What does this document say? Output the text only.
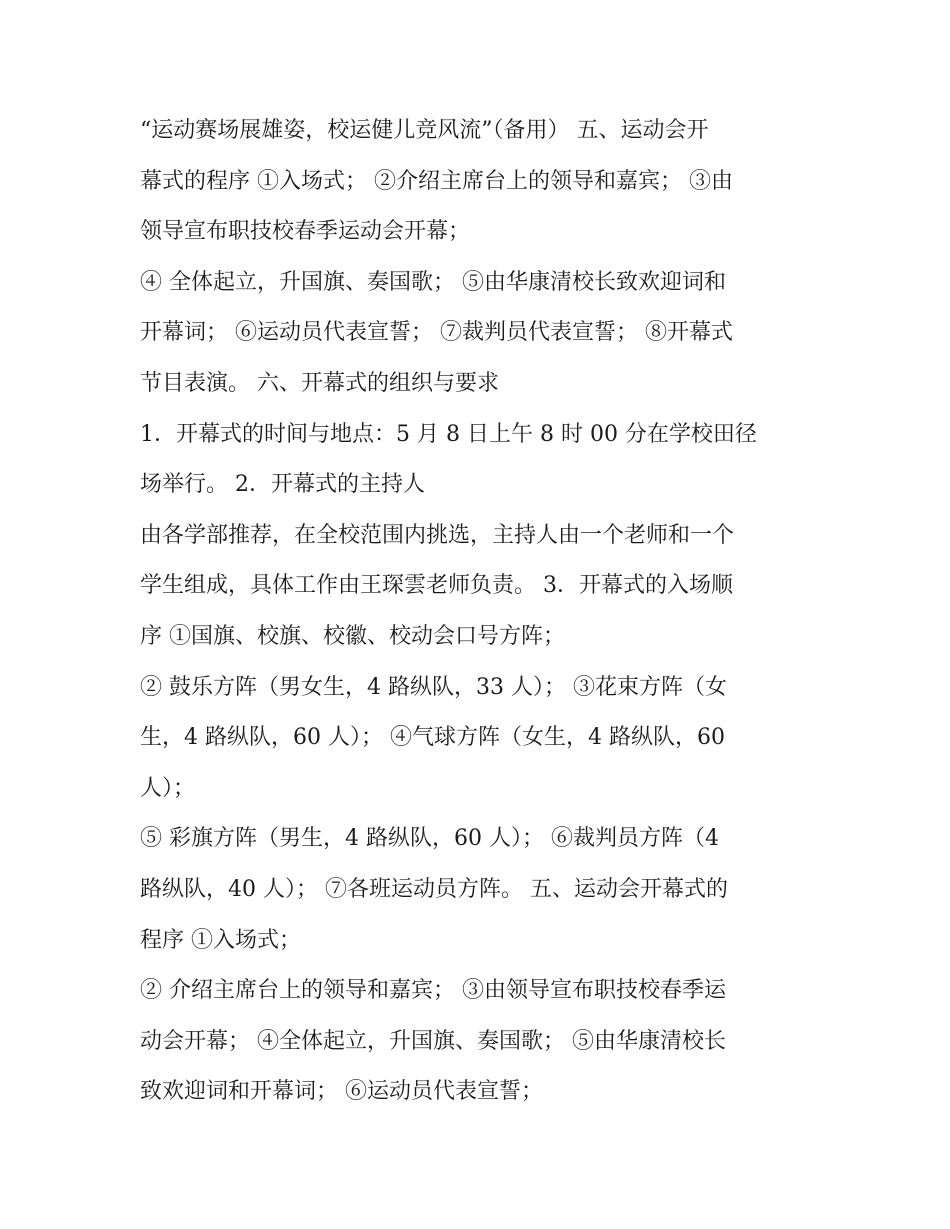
“运动赛场展雄姿，校运健儿竞风流”（备用） 五、运动会开
幕式的程序 ①入场式； ②介绍主席台上的领导和嘉宾； ③由
领导宣布职技校春季运动会开幕；
④ 全体起立，升国旗、奏国歌； ⑤由华康清校长致欢迎词和
开幕词； ⑥运动员代表宣誓； ⑦裁判员代表宣誓； ⑧开幕式
节目表演。 六、开幕式的组织与要求
1．开幕式的时间与地点：5 月 8 日上午 8 时 00 分在学校田径
场举行。 2．开幕式的主持人
由各学部推荐，在全校范围内挑选，主持人由一个老师和一个
学生组成，具体工作由王琛雲老师负责。 3．开幕式的入场顺
序 ①国旗、校旗、校徽、校动会口号方阵；
② 鼓乐方阵（男女生，4 路纵队，33 人）； ③花束方阵（女
生，4 路纵队，60 人）； ④气球方阵（女生，4 路纵队，60
人）；
⑤ 彩旗方阵（男生，4 路纵队，60 人）； ⑥裁判员方阵（4
路纵队，40 人）； ⑦各班运动员方阵。 五、运动会开幕式的
程序 ①入场式；
② 介绍主席台上的领导和嘉宾； ③由领导宣布职技校春季运
动会开幕； ④全体起立，升国旗、奏国歌； ⑤由华康清校长
致欢迎词和开幕词； ⑥运动员代表宣誓；
